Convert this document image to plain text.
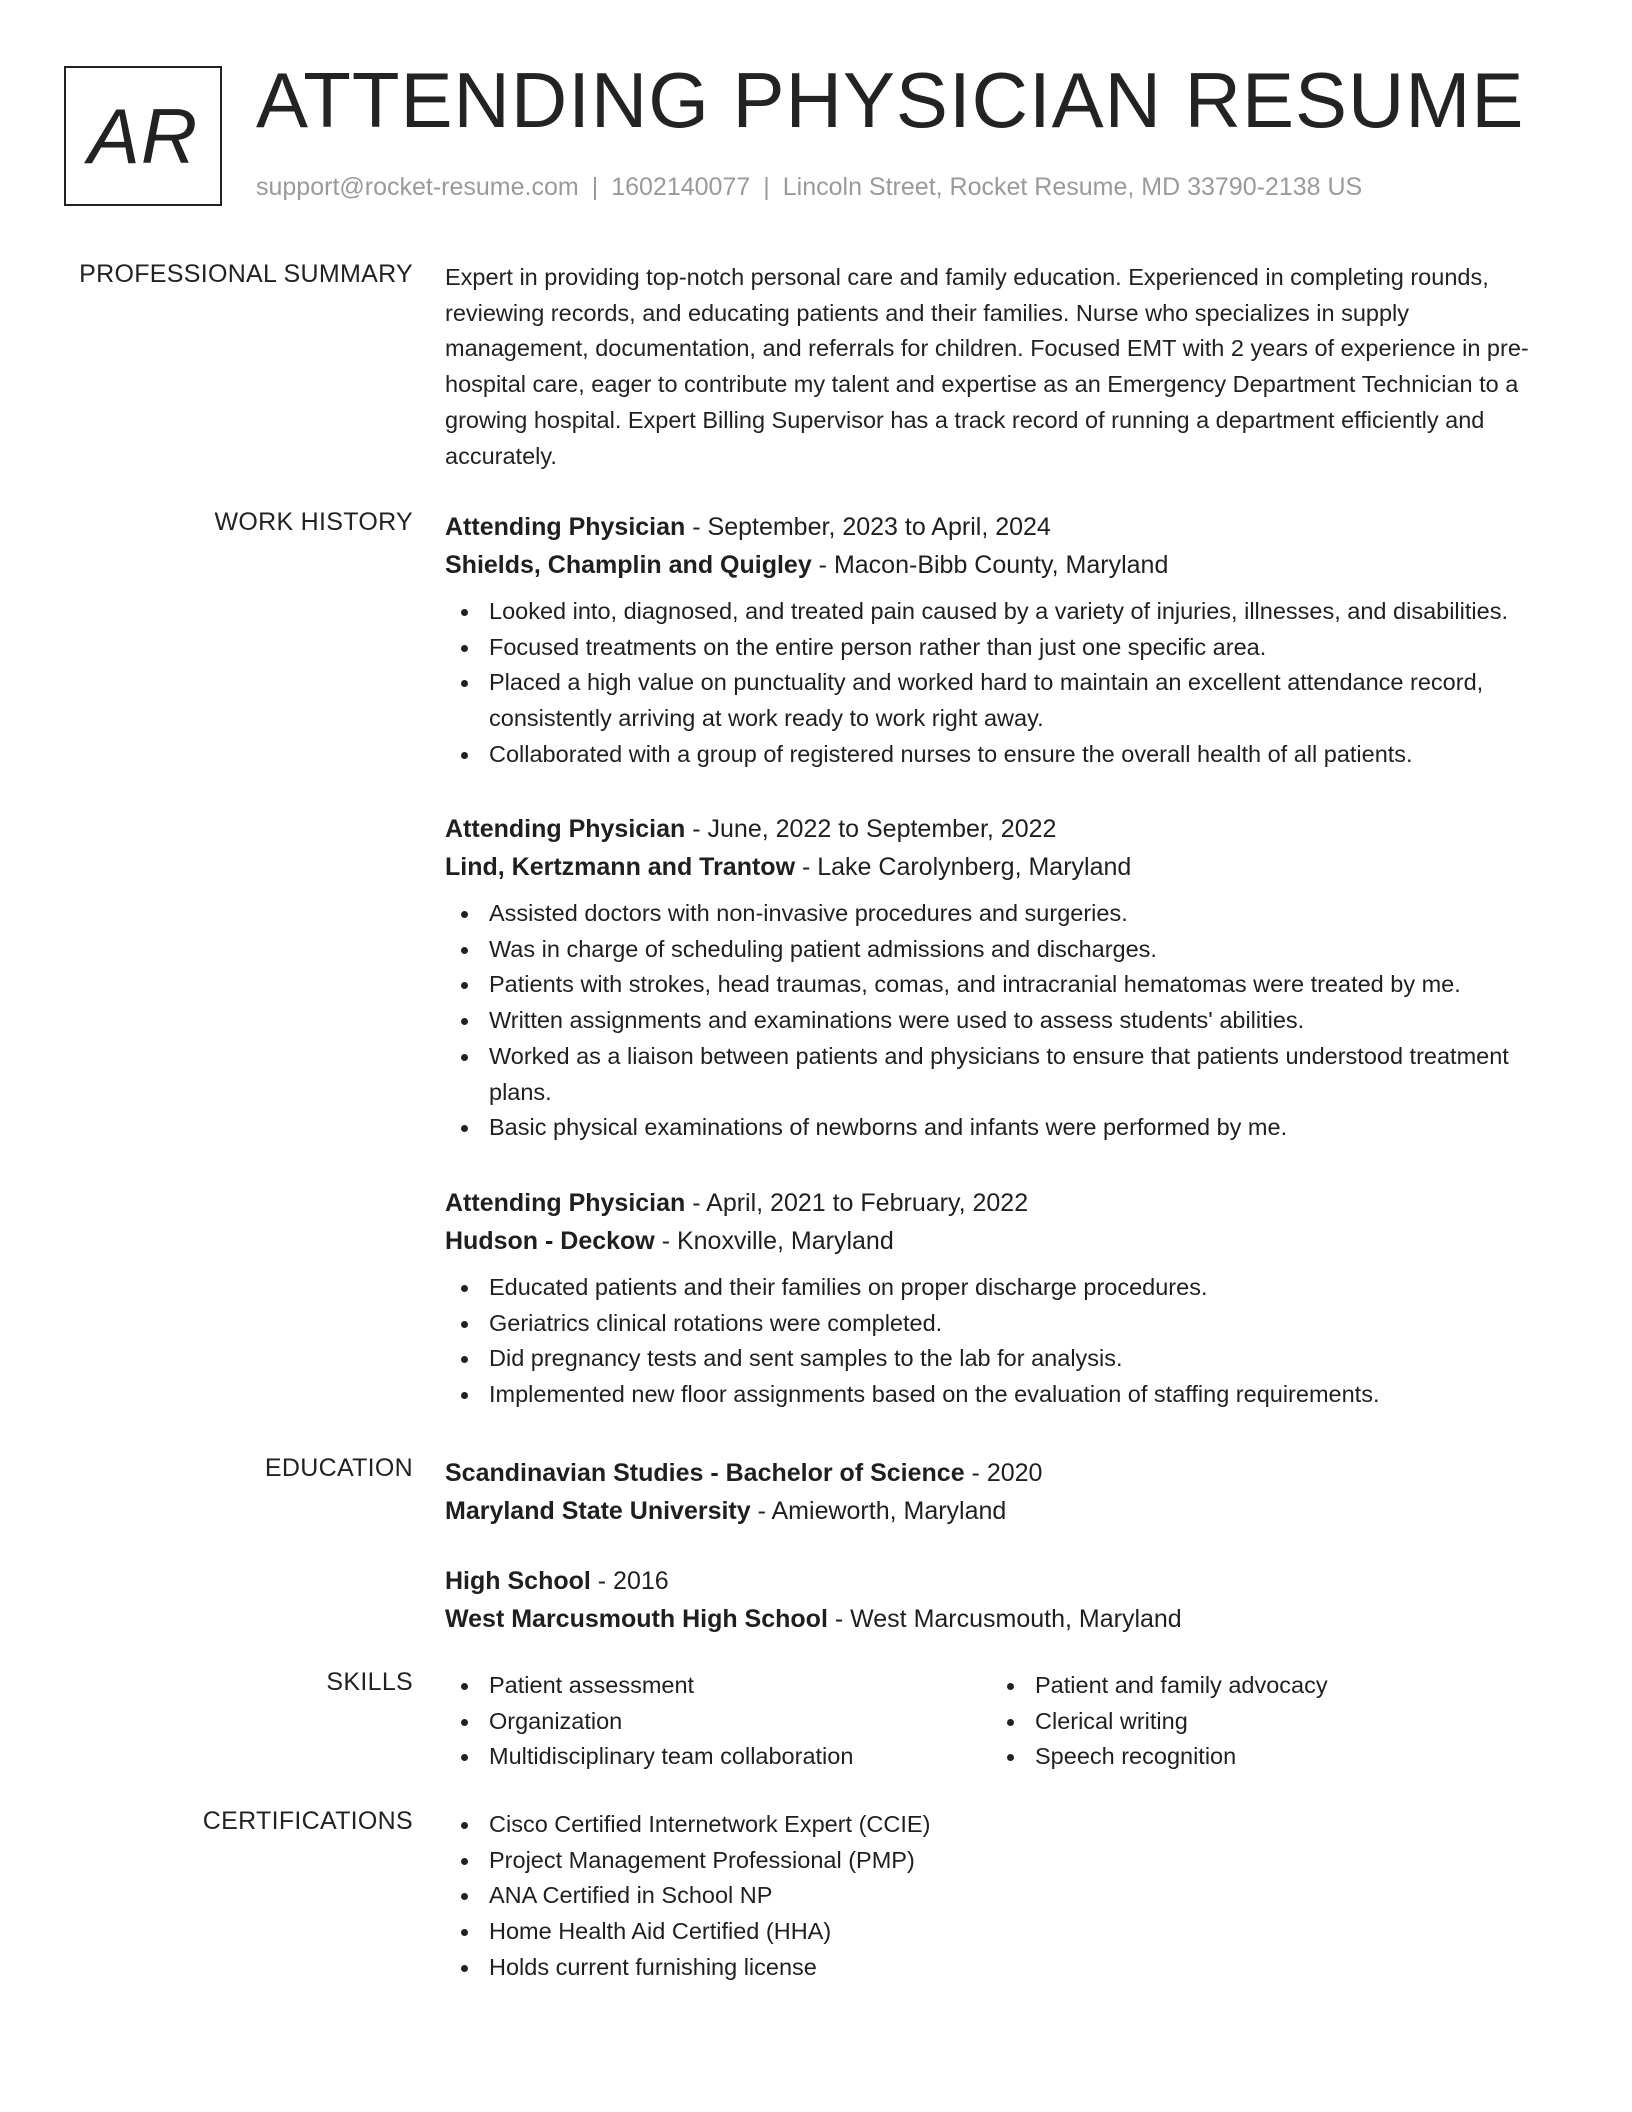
AR ATTENDING PHYSICIAN RESUME
support@rocket-resume.com | 1602140077 | Lincoln Street, Rocket Resume, MD 33790-2138 US
PROFESSIONAL SUMMARY Expert in providing top-notch personal care and family education. Experienced in completing rounds, reviewing records, and educating patients and their families. Nurse who specializes in supply management, documentation, and referrals for children. Focused EMT with 2 years of experience in pre-hospital care, eager to contribute my talent and expertise as an Emergency Department Technician to a growing hospital. Expert Billing Supervisor has a track record of running a department efficiently and accurately.

WORK HISTORY Attending Physician - September, 2023 to April, 2024
Shields, Champlin and Quigley - Macon-Bibb County, Maryland
Looked into, diagnosed, and treated pain caused by a variety of injuries, illnesses, and disabilities.
Focused treatments on the entire person rather than just one specific area.
Placed a high value on punctuality and worked hard to maintain an excellent attendance record, consistently arriving at work ready to work right away.
Collaborated with a group of registered nurses to ensure the overall health of all patients.
Attending Physician - June, 2022 to September, 2022
Lind, Kertzmann and Trantow - Lake Carolynberg, Maryland
Assisted doctors with non-invasive procedures and surgeries.
Was in charge of scheduling patient admissions and discharges.
Patients with strokes, head traumas, comas, and intracranial hematomas were treated by me.
Written assignments and examinations were used to assess students' abilities.
Worked as a liaison between patients and physicians to ensure that patients understood treatment plans.
Basic physical examinations of newborns and infants were performed by me.
Attending Physician - April, 2021 to February, 2022
Hudson - Deckow - Knoxville, Maryland
Educated patients and their families on proper discharge procedures.
Geriatrics clinical rotations were completed.
Did pregnancy tests and sent samples to the lab for analysis.
Implemented new floor assignments based on the evaluation of staffing requirements.
EDUCATION Scandinavian Studies - Bachelor of Science - 2020
Maryland State University - Amieworth, Maryland
High School - 2016
West Marcusmouth High School - West Marcusmouth, Maryland
SKILLS	Patient assessment
Organization
Multidisciplinary team collaboration
Patient and family advocacy
Clerical writing
Speech recognition
CERTIFICATIONS	Cisco Certified Internetwork Expert (CCIE)
Project Management Professional (PMP)
ANA Certified in School NP
Home Health Aid Certified (HHA)
Holds current furnishing license
